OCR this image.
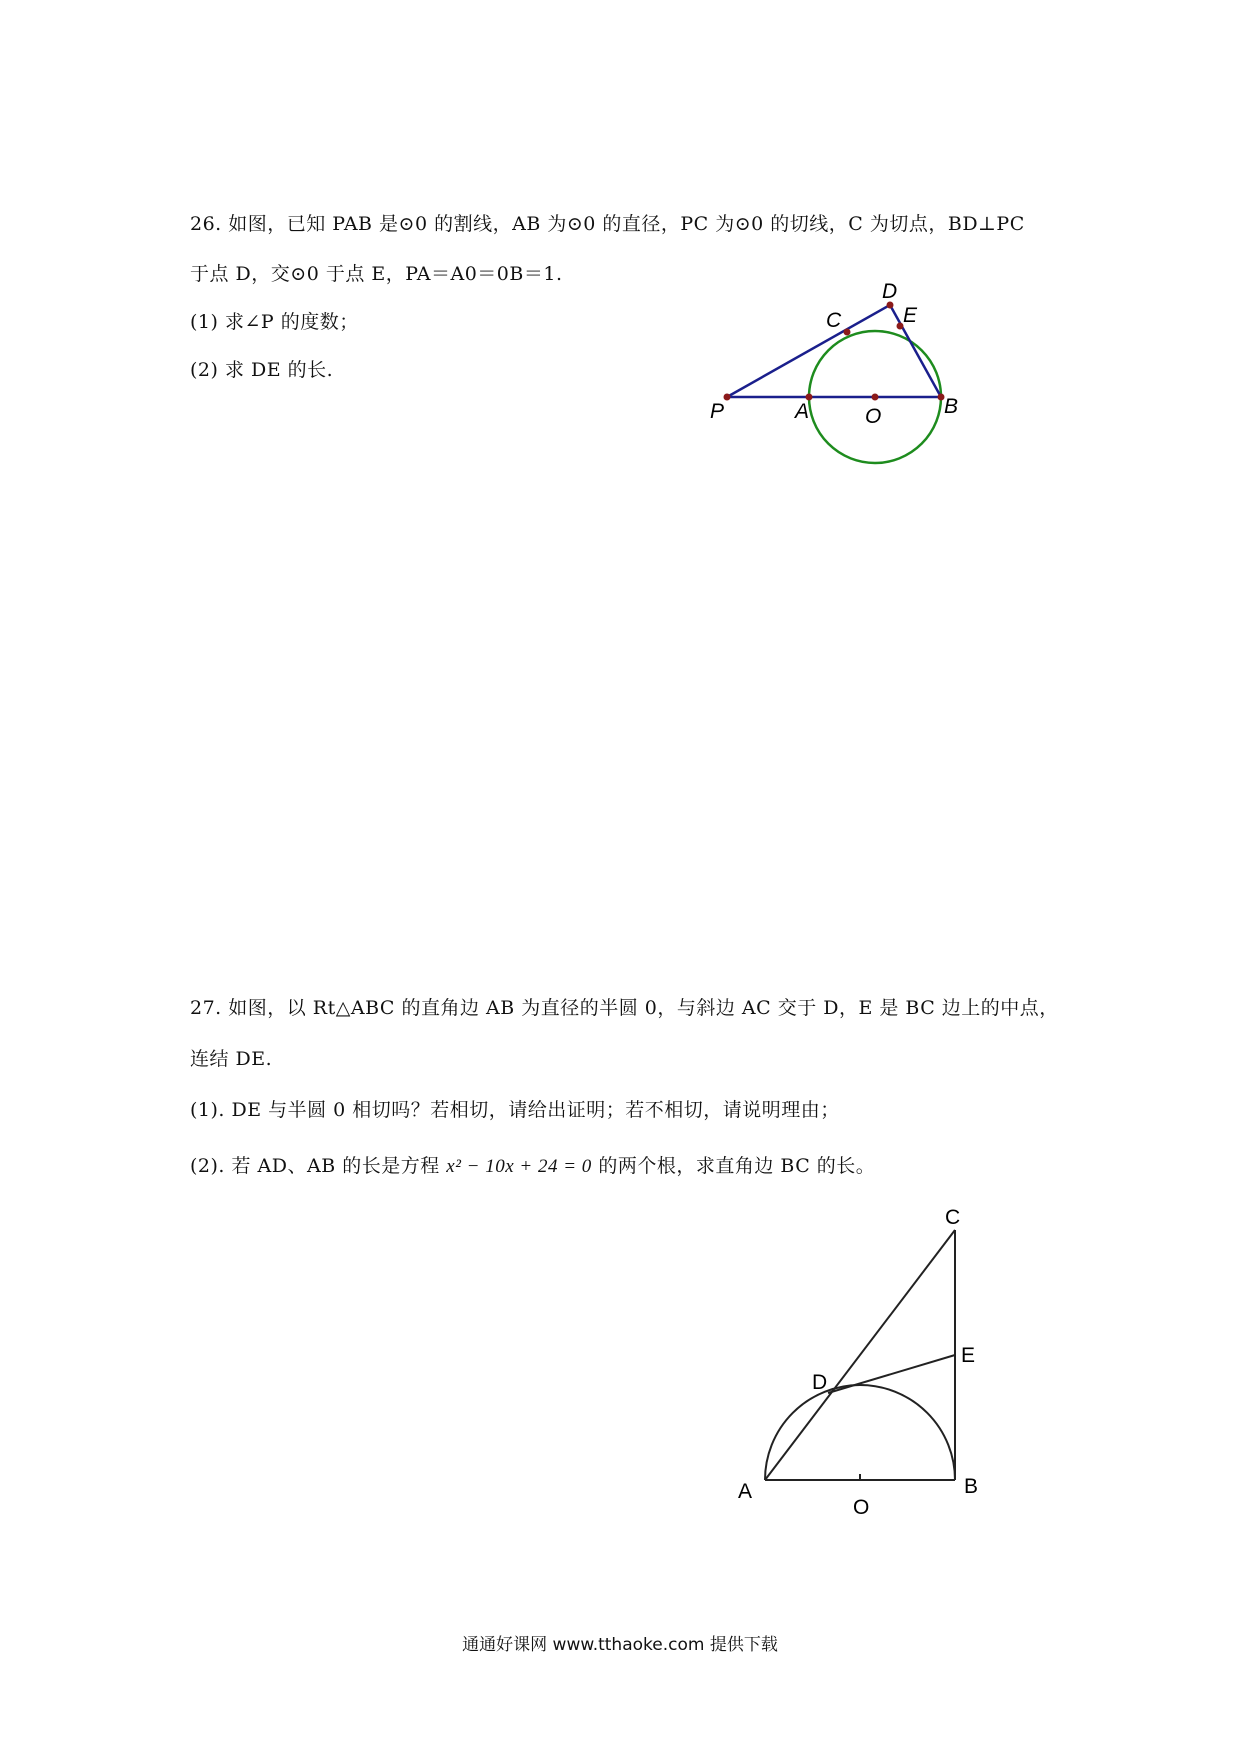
26. 如图，已知 PAB 是⊙0 的割线，AB 为⊙0 的直径，PC 为⊙0 的切线，C 为切点，BD⊥PC
于点 D，交⊙0 于点 E，PA＝A0＝0B＝1.
(1) 求∠P 的度数；
(2) 求 DE 的长.
P	A	O	B
C
D
E
27. 如图，以 Rt△ABC 的直角边 AB 为直径的半圆 0，与斜边 AC 交于 D，E 是 BC 边上的中点，
连结 DE.
(1). DE 与半圆 0 相切吗？若相切，请给出证明；若不相切，请说明理由；
(2). 若 AD、AB 的长是方程 x² − 10x + 24 = 0 的两个根，求直角边 BC 的长。
A
O
B
C
D
E
通通好课网 www.tthaoke.com 提供下载
